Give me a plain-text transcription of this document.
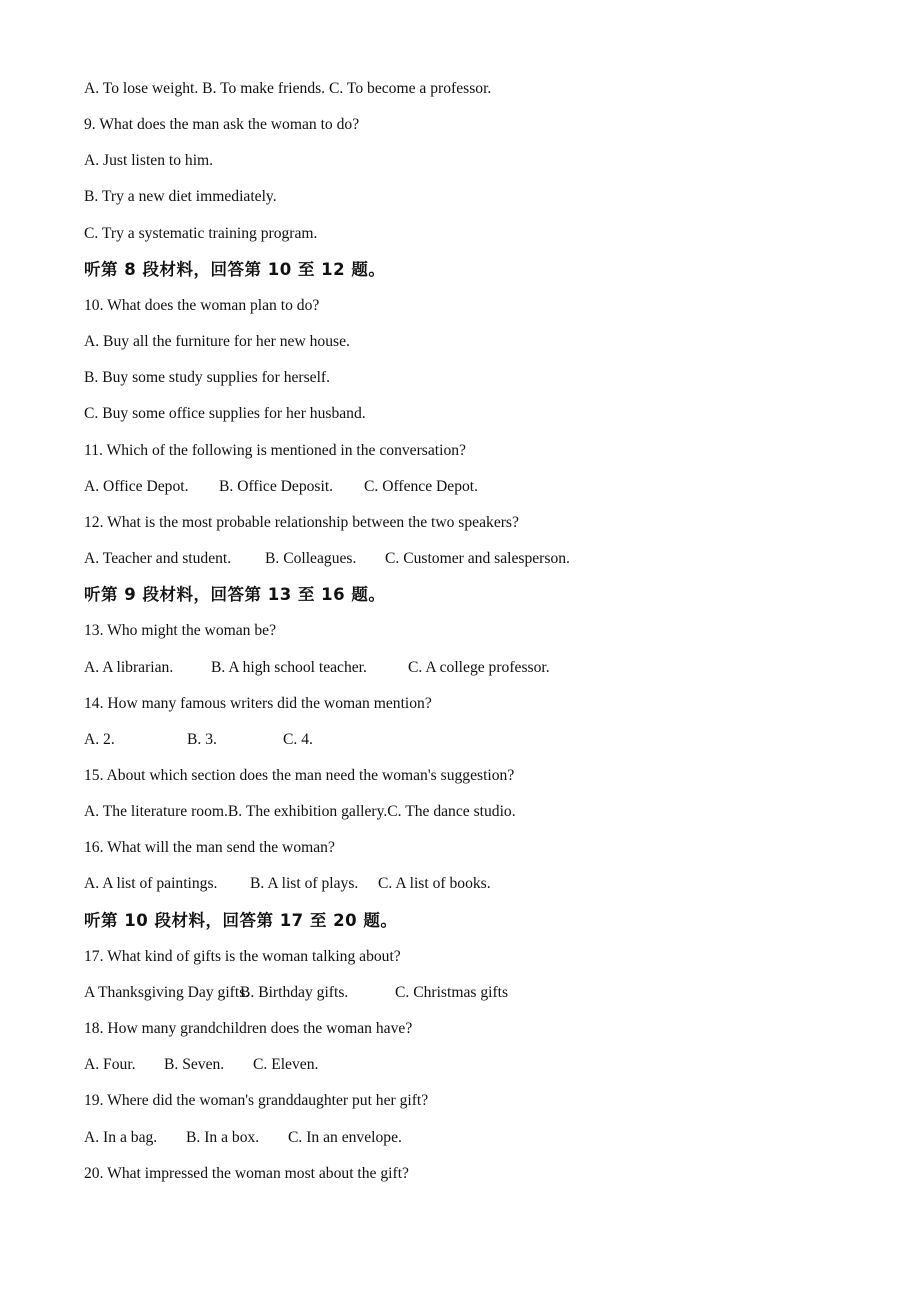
A. To lose weight. B. To make friends. C. To become a professor.
9. What does the man ask the woman to do?
A. Just listen to him.
B. Try a new diet immediately.
C. Try a systematic training program.
听第 8 段材料，回答第 10 至 12 题。
10. What does the woman plan to do?
A. Buy all the furniture for her new house.
B. Buy some study supplies for herself.
C. Buy some office supplies for her husband.
11. Which of the following is mentioned in the conversation?
A. Office Depot. B. Office Deposit. C. Offence Depot.
12. What is the most probable relationship between the two speakers?
A. Teacher and student. B. Colleagues. C. Customer and salesperson.
听第 9 段材料，回答第 13 至 16 题。
13. Who might the woman be?
A. A librarian. B. A high school teacher.	C. A college professor.
14. How many famous writers did the woman mention?
A. 2.	B. 3.	C. 4.
15. About which section does the man need the woman's suggestion?
A. The literature room.B. The exhibition gallery.C. The dance studio.
16. What will the man send the woman?
A. A list of paintings. B. A list of plays. C. A list of books.
听第 10 段材料，回答第 17 至 20 题。
17. What kind of gifts is the woman talking about?
A Thanksgiving Day gifts.
B. Birthday gifts.	C. Christmas gifts
18. How many grandchildren does the woman have?
A. Four. B. Seven. C. Eleven.
19. Where did the woman's granddaughter put her gift?
A. In a bag. B. In a box. C. In an envelope.
20. What impressed the woman most about the gift?
